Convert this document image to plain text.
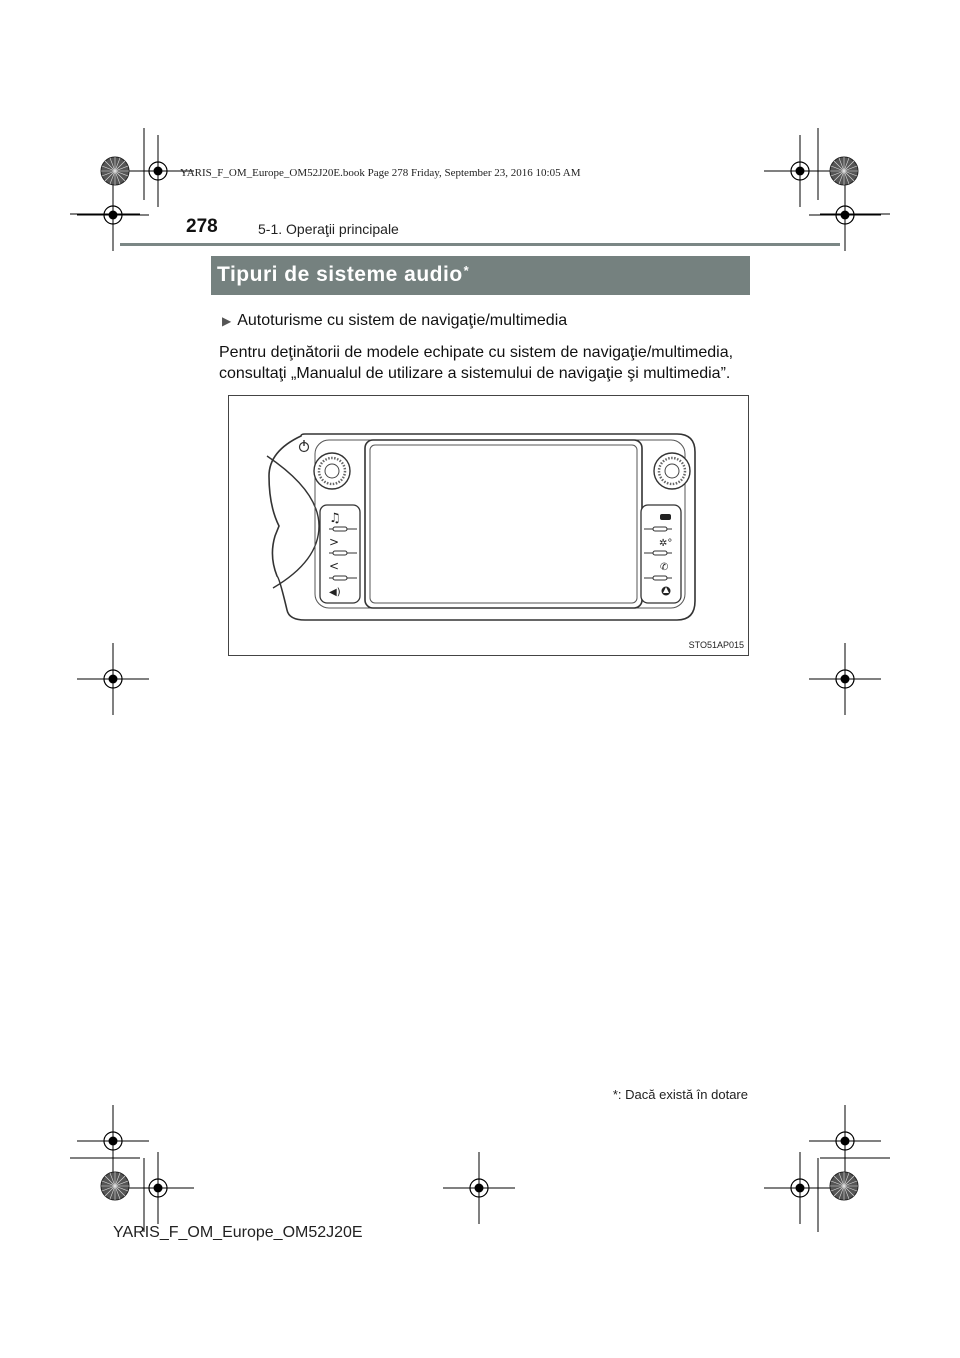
YARIS_F_OM_Europe_OM52J20E.book Page 278 Friday, September 23, 2016 10:05 AM
278	5-1. Operaţii principale
Tipuri de sisteme audio*
▶ Autoturisme cu sistem de navigaţie/multimedia
Pentru deţinătorii de modele echipate cu sistem de navigaţie/multimedia, consultaţi „Manualul de utilizare a sistemului de navigaţie şi multimedia”.
♫
>
<
◀)
✲°
✆
STO51AP015
*: Dacă există în dotare
YARIS_F_OM_Europe_OM52J20E
